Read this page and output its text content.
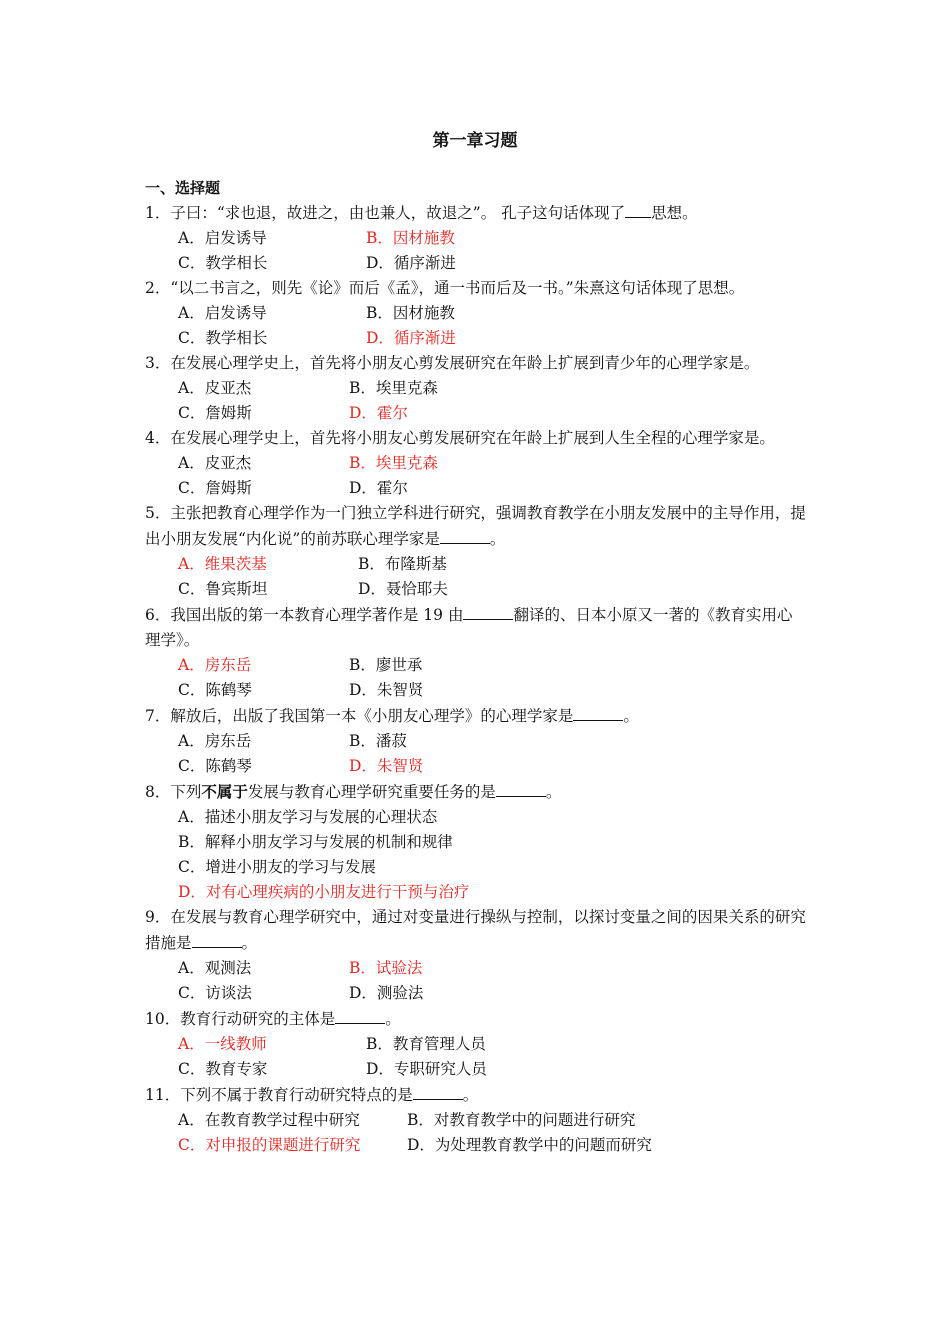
第一章习题
一、选择题
1．子曰：“求也退，故进之，由也兼人，故退之”。 孔子这句话体现了 思想。
A．启发诱导	B．因材施教
C．教学相长	D．循序渐进
2．“以二书言之，则先《论》而后《孟》，通一书而后及一书。”朱熹这句话体现了思想。
A．启发诱导	B．因材施教
C．教学相长	D．循序渐进
3．在发展心理学史上，首先将小朋友心剪发展研究在年龄上扩展到青少年的心理学家是。
A．皮亚杰	B．埃里克森
C．詹姆斯	D．霍尔
4．在发展心理学史上，首先将小朋友心剪发展研究在年龄上扩展到人生全程的心理学家是。
A．皮亚杰	B．埃里克森
C．詹姆斯	D．霍尔
5．主张把教育心理学作为一门独立学科进行研究，强调教育教学在小朋友发展中的主导作用，提出小朋友发展“内化说”的前苏联心理学家是	。
A．维果茨基	B．布隆斯基
C．鲁宾斯坦	D．聂恰耶夫
6．我国出版的第一本教育心理学著作是 19 由	翻译的、日本小原又一著的《教育实用心理学》。
A．房东岳	B．廖世承
C．陈鹤琴	D．朱智贤
7．解放后，出版了我国第一本《小朋友心理学》的心理学家是	。
A．房东岳	B．潘菽
C．陈鹤琴	D．朱智贤
8．下列不属于发展与教育心理学研究重要任务的是	。
A．描述小朋友学习与发展的心理状态
B．解释小朋友学习与发展的机制和规律
C．增进小朋友的学习与发展
D．对有心理疾病的小朋友进行干预与治疗
9．在发展与教育心理学研究中，通过对变量进行操纵与控制，以探讨变量之间的因果关系的研究措施是	。
A．观测法	B．试验法
C．访谈法	D．测验法
10．教育行动研究的主体是	。
A．一线教师	B．教育管理人员
C．教育专家	D．专职研究人员
11．下列不属于教育行动研究特点的是	。
A．在教育教学过程中研究	B．对教育教学中的问题进行研究
C．对申报的课题进行研究	D．为处理教育教学中的问题而研究
